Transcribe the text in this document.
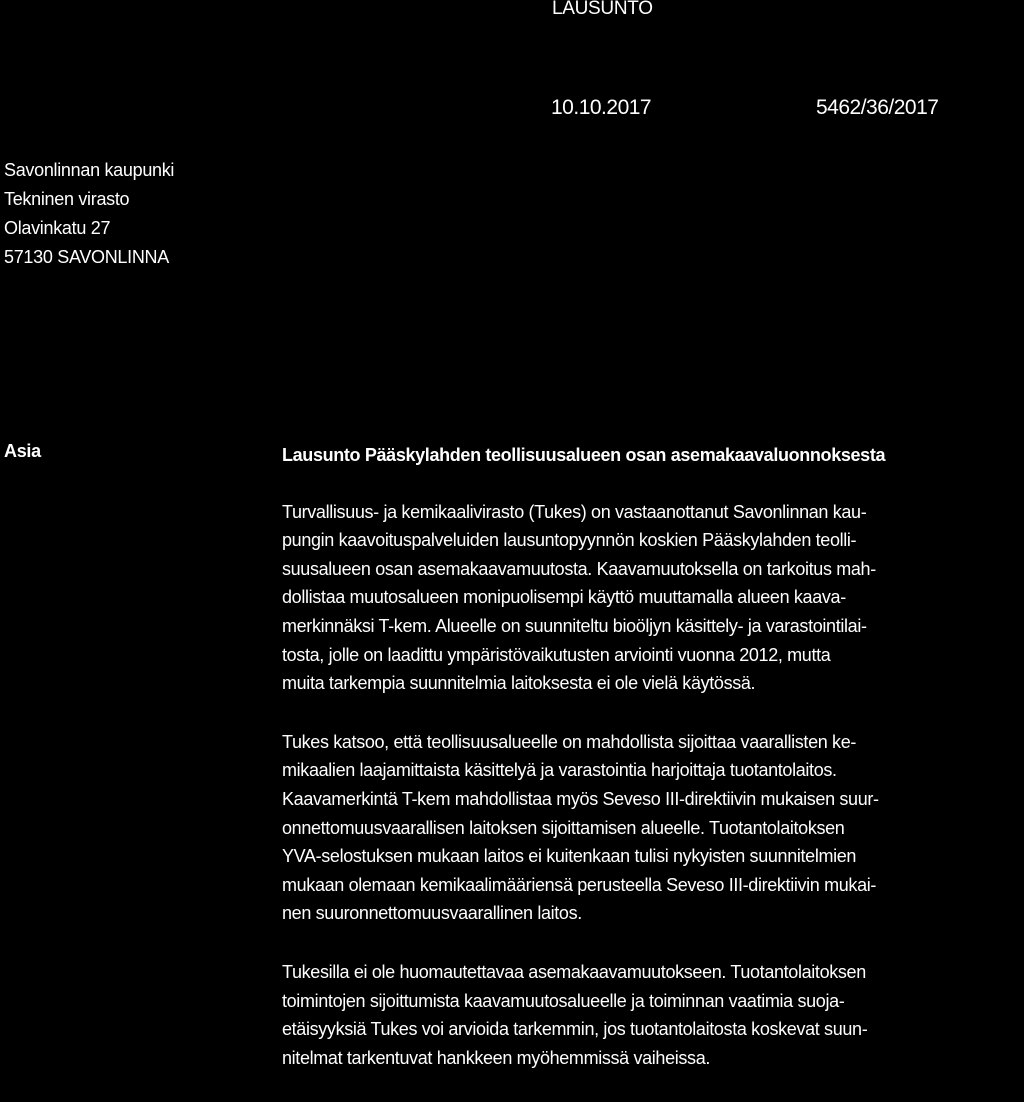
LAUSUNTO
10.10.2017	5462/36/2017
Savonlinnan kaupunki
Tekninen virasto
Olavinkatu 27
57130 SAVONLINNA
Asia	Lausunto Pääskylahden teollisuusalueen osan asemakaavaluonnoksesta
Turvallisuus- ja kemikaalivirasto (Tukes) on vastaanottanut Savonlinnan kau-
pungin kaavoituspalveluiden lausuntopyynnön koskien Pääskylahden teolli-
suusalueen osan asemakaavamuutosta. Kaavamuutoksella on tarkoitus mah-
dollistaa muutosalueen monipuolisempi käyttö muuttamalla alueen kaava-
merkinnäksi T-kem. Alueelle on suunniteltu bioöljyn käsittely- ja varastointilai-
tosta, jolle on laadittu ympäristövaikutusten arviointi vuonna 2012, mutta
muita tarkempia suunnitelmia laitoksesta ei ole vielä käytössä.
Tukes katsoo, että teollisuusalueelle on mahdollista sijoittaa vaarallisten ke-
mikaalien laajamittaista käsittelyä ja varastointia harjoittaja tuotantolaitos.
Kaavamerkintä T-kem mahdollistaa myös Seveso III-direktiivin mukaisen suur-
onnettomuusvaarallisen laitoksen sijoittamisen alueelle. Tuotantolaitoksen
YVA-selostuksen mukaan laitos ei kuitenkaan tulisi nykyisten suunnitelmien
mukaan olemaan kemikaalimääriensä perusteella Seveso III-direktiivin mukai-
nen suuronnettomuusvaarallinen laitos.
Tukesilla ei ole huomautettavaa asemakaavamuutokseen. Tuotantolaitoksen
toimintojen sijoittumista kaavamuutosalueelle ja toiminnan vaatimia suoja-
etäisyyksiä Tukes voi arvioida tarkemmin, jos tuotantolaitosta koskevat suun-
nitelmat tarkentuvat hankkeen myöhemmissä vaiheissa.
